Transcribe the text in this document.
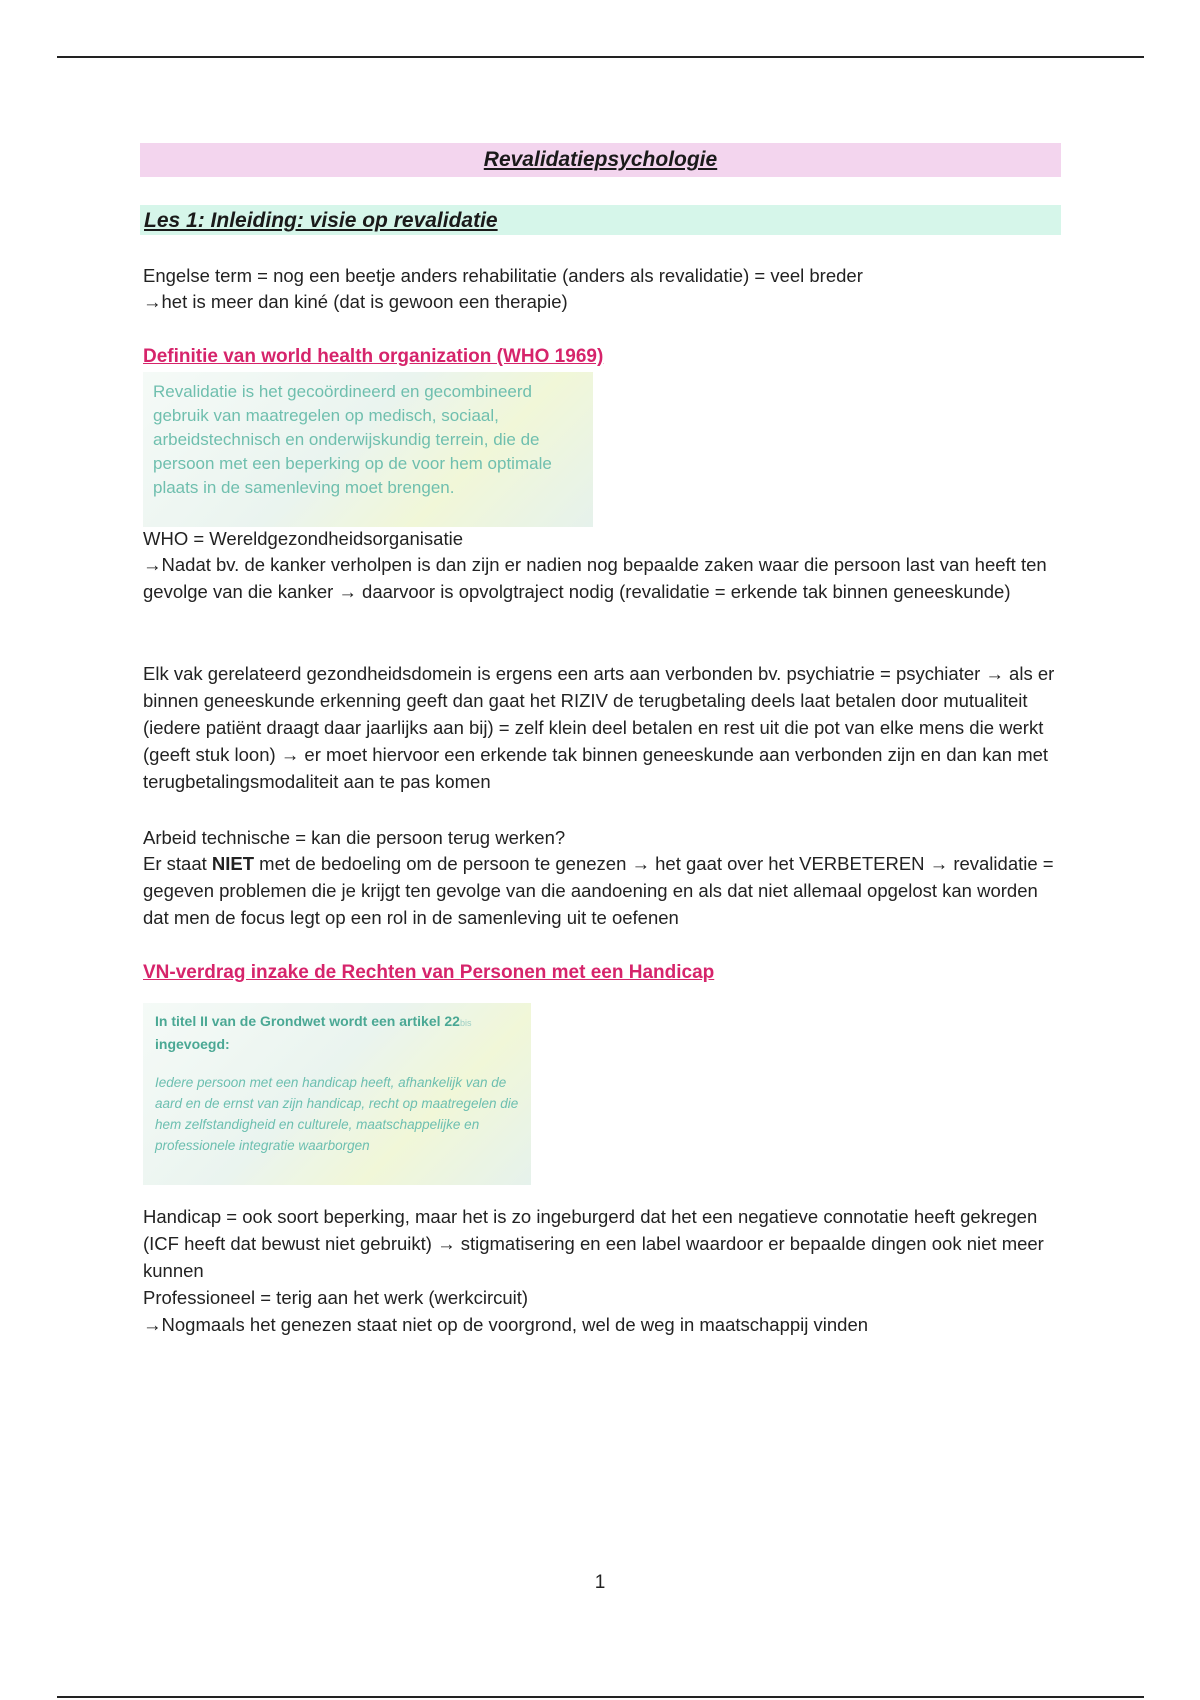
Revalidatiepsychologie
Les 1: Inleiding: visie op revalidatie
Engelse term = nog een beetje anders rehabilitatie (anders als revalidatie) = veel breder
→het is meer dan kiné (dat is gewoon een therapie)
Definitie van world health organization (WHO 1969)
Revalidatie is het gecoördineerd en gecombineerd gebruik van maatregelen op medisch, sociaal, arbeidstechnisch en onderwijskundig terrein, die de persoon met een beperking op de voor hem optimale plaats in de samenleving moet brengen.
WHO = Wereldgezondheidsorganisatie
→Nadat bv. de kanker verholpen is dan zijn er nadien nog bepaalde zaken waar die persoon last van heeft ten gevolge van die kanker → daarvoor is opvolgtraject nodig (revalidatie = erkende tak binnen geneeskunde)
Elk vak gerelateerd gezondheidsdomein is ergens een arts aan verbonden bv. psychiatrie = psychiater → als er binnen geneeskunde erkenning geeft dan gaat het RIZIV de terugbetaling deels laat betalen door mutualiteit (iedere patiënt draagt daar jaarlijks aan bij) = zelf klein deel betalen en rest uit die pot van elke mens die werkt (geeft stuk loon) → er moet hiervoor een erkende tak binnen geneeskunde aan verbonden zijn en dan kan met terugbetalingsmodaliteit aan te pas komen
Arbeid technische = kan die persoon terug werken?
Er staat NIET met de bedoeling om de persoon te genezen → het gaat over het VERBETEREN → revalidatie = gegeven problemen die je krijgt ten gevolge van die aandoening en als dat niet allemaal opgelost kan worden dat men de focus legt op een rol in de samenleving uit te oefenen
VN-verdrag inzake de Rechten van Personen met een Handicap
In titel II van de Grondwet wordt een artikel 22bis
ingevoegd:
Iedere persoon met een handicap heeft, afhankelijk van de aard en de ernst van zijn handicap, recht op maatregelen die hem zelfstandigheid en culturele, maatschappelijke en professionele integratie waarborgen
Handicap = ook soort beperking, maar het is zo ingeburgerd dat het een negatieve connotatie heeft gekregen (ICF heeft dat bewust niet gebruikt) → stigmatisering en een label waardoor er bepaalde dingen ook niet meer kunnen
Professioneel = terig aan het werk (werkcircuit)
→Nogmaals het genezen staat niet op de voorgrond, wel de weg in maatschappij vinden
1
